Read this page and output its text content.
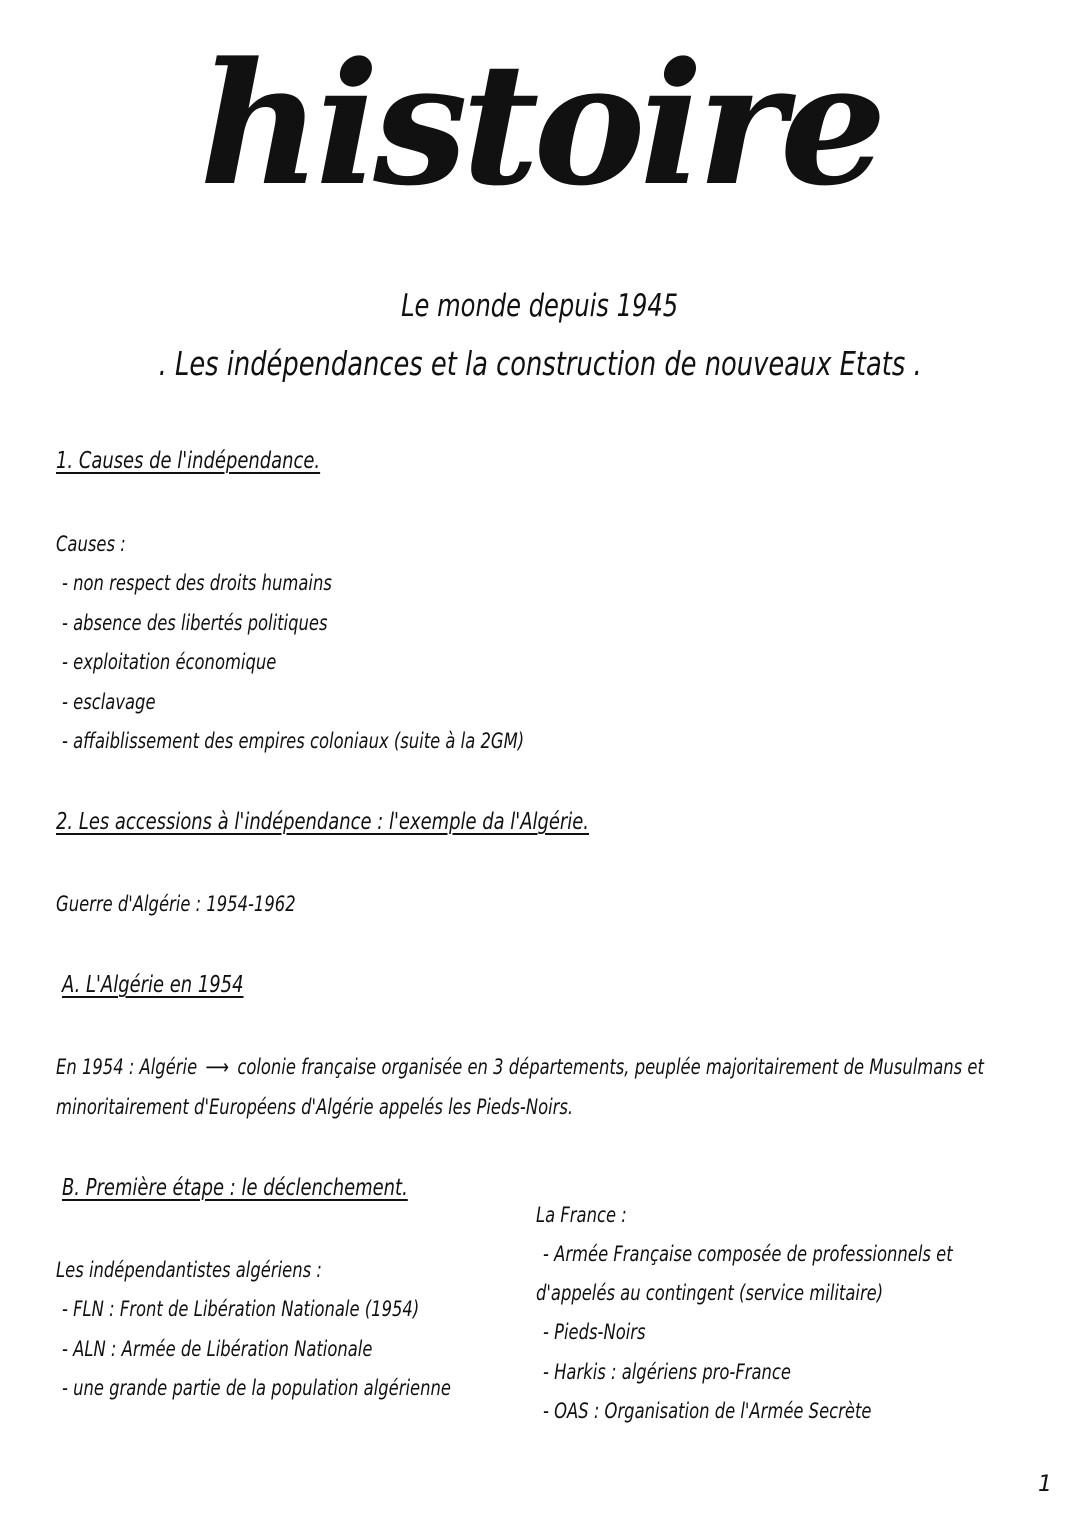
histoire
Le monde depuis 1945
. Les indépendances et la construction de nouveaux Etats .
1. Causes de l'indépendance.
Causes :
- non respect des droits humains
- absence des libertés politiques
- exploitation économique
- esclavage
- affaiblissement des empires coloniaux (suite à la 2GM)
2. Les accessions à l'indépendance : l'exemple da l'Algérie.
Guerre d'Algérie : 1954-1962
A. L'Algérie en 1954
En 1954 : Algérie ⟶ colonie française organisée en 3 départements, peuplée majoritairement de Musulmans et
minoritairement d'Européens d'Algérie appelés les Pieds-Noirs.
B. Première étape : le déclenchement.
Les indépendantistes algériens :
- FLN : Front de Libération Nationale (1954)
- ALN : Armée de Libération Nationale
- une grande partie de la population algérienne
La France :
- Armée Française composée de professionnels et
d'appelés au contingent (service militaire)
- Pieds-Noirs
- Harkis : algériens pro-France
- OAS : Organisation de l'Armée Secrète
1
